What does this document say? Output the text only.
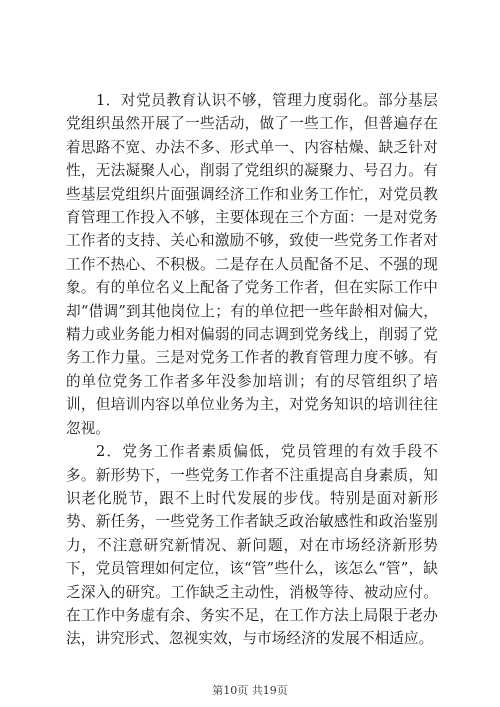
1．对党员教育认识不够，管理力度弱化。部分基层党组织虽然开展了一些活动，做了一些工作，但普遍存在着思路不宽、办法不多、形式单一、内容枯燥、缺乏针对性，无法凝聚人心，削弱了党组织的凝聚力、号召力。有些基层党组织片面强调经济工作和业务工作忙，对党员教育管理工作投入不够，主要体现在三个方面：一是对党务工作者的支持、关心和激励不够，致使一些党务工作者对工作不热心、不积极。二是存在人员配备不足、不强的现象。有的单位名义上配备了党务工作者，但在实际工作中却“借调”到其他岗位上；有的单位把一些年龄相对偏大，精力或业务能力相对偏弱的同志调到党务线上，削弱了党务工作力量。三是对党务工作者的教育管理力度不够。有的单位党务工作者多年没参加培训；有的尽管组织了培训，但培训内容以单位业务为主，对党务知识的培训往往忽视。

2．党务工作者素质偏低，党员管理的有效手段不多。新形势下，一些党务工作者不注重提高自身素质，知识老化脱节，跟不上时代发展的步伐。特别是面对新形势、新任务，一些党务工作者缺乏政治敏感性和政治鉴别力，不注意研究新情况、新问题，对在市场经济新形势下，党员管理如何定位，该“管”些什么，该怎么“管”，缺乏深入的研究。工作缺乏主动性，消极等待、被动应付。在工作中务虚有余、务实不足，在工作方法上局限于老办法，讲究形式、忽视实效，与市场经济的发展不相适应。

第10页 共19页
